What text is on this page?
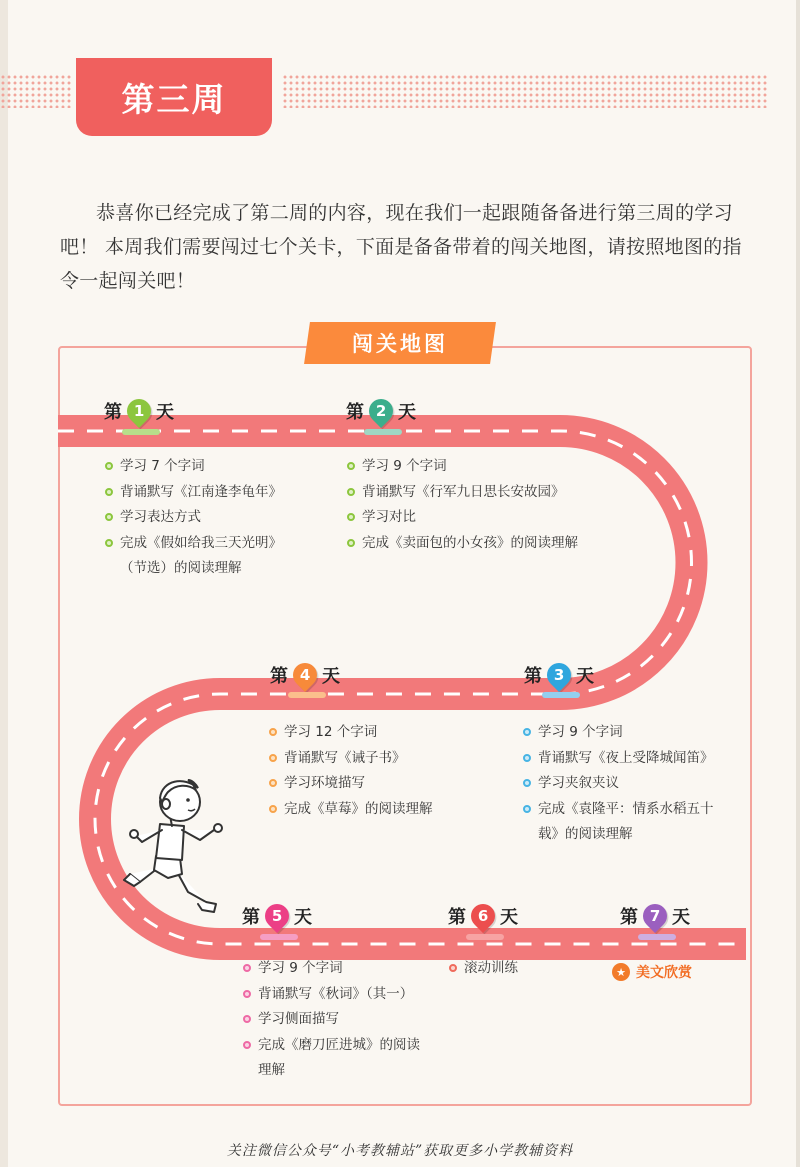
第三周

恭喜你已经完成了第二周的内容，现在我们一起跟随备备进行第三周的学习吧！ 本周我们需要闯过七个关卡，下面是备备带着的闯关地图，请按照地图的指令一起闯关吧！

闯关地图
第 1 天
学习 7 个字词
背诵默写《江南逢李龟年》
学习表达方式
完成《假如给我三天光明》
（节选）的阅读理解
第 2 天
学习 9 个字词
背诵默写《行军九日思长安故园》
学习对比
完成《卖面包的小女孩》的阅读理解
第 4 天
学习 12 个字词
背诵默写《诫子书》
学习环境描写
完成《草莓》的阅读理解
第 3 天
学习 9 个字词
背诵默写《夜上受降城闻笛》
学习夹叙夹议
完成《袁隆平：情系水稻五十
载》的阅读理解
第 5 天
学习 9 个字词
背诵默写《秋词》（其一）
学习侧面描写
完成《磨刀匠进城》的阅读
理解
第 6 天
滚动训练
第 7 天
★ 美文欣赏
关注微信公众号“小考教辅站”获取更多小学教辅资料
